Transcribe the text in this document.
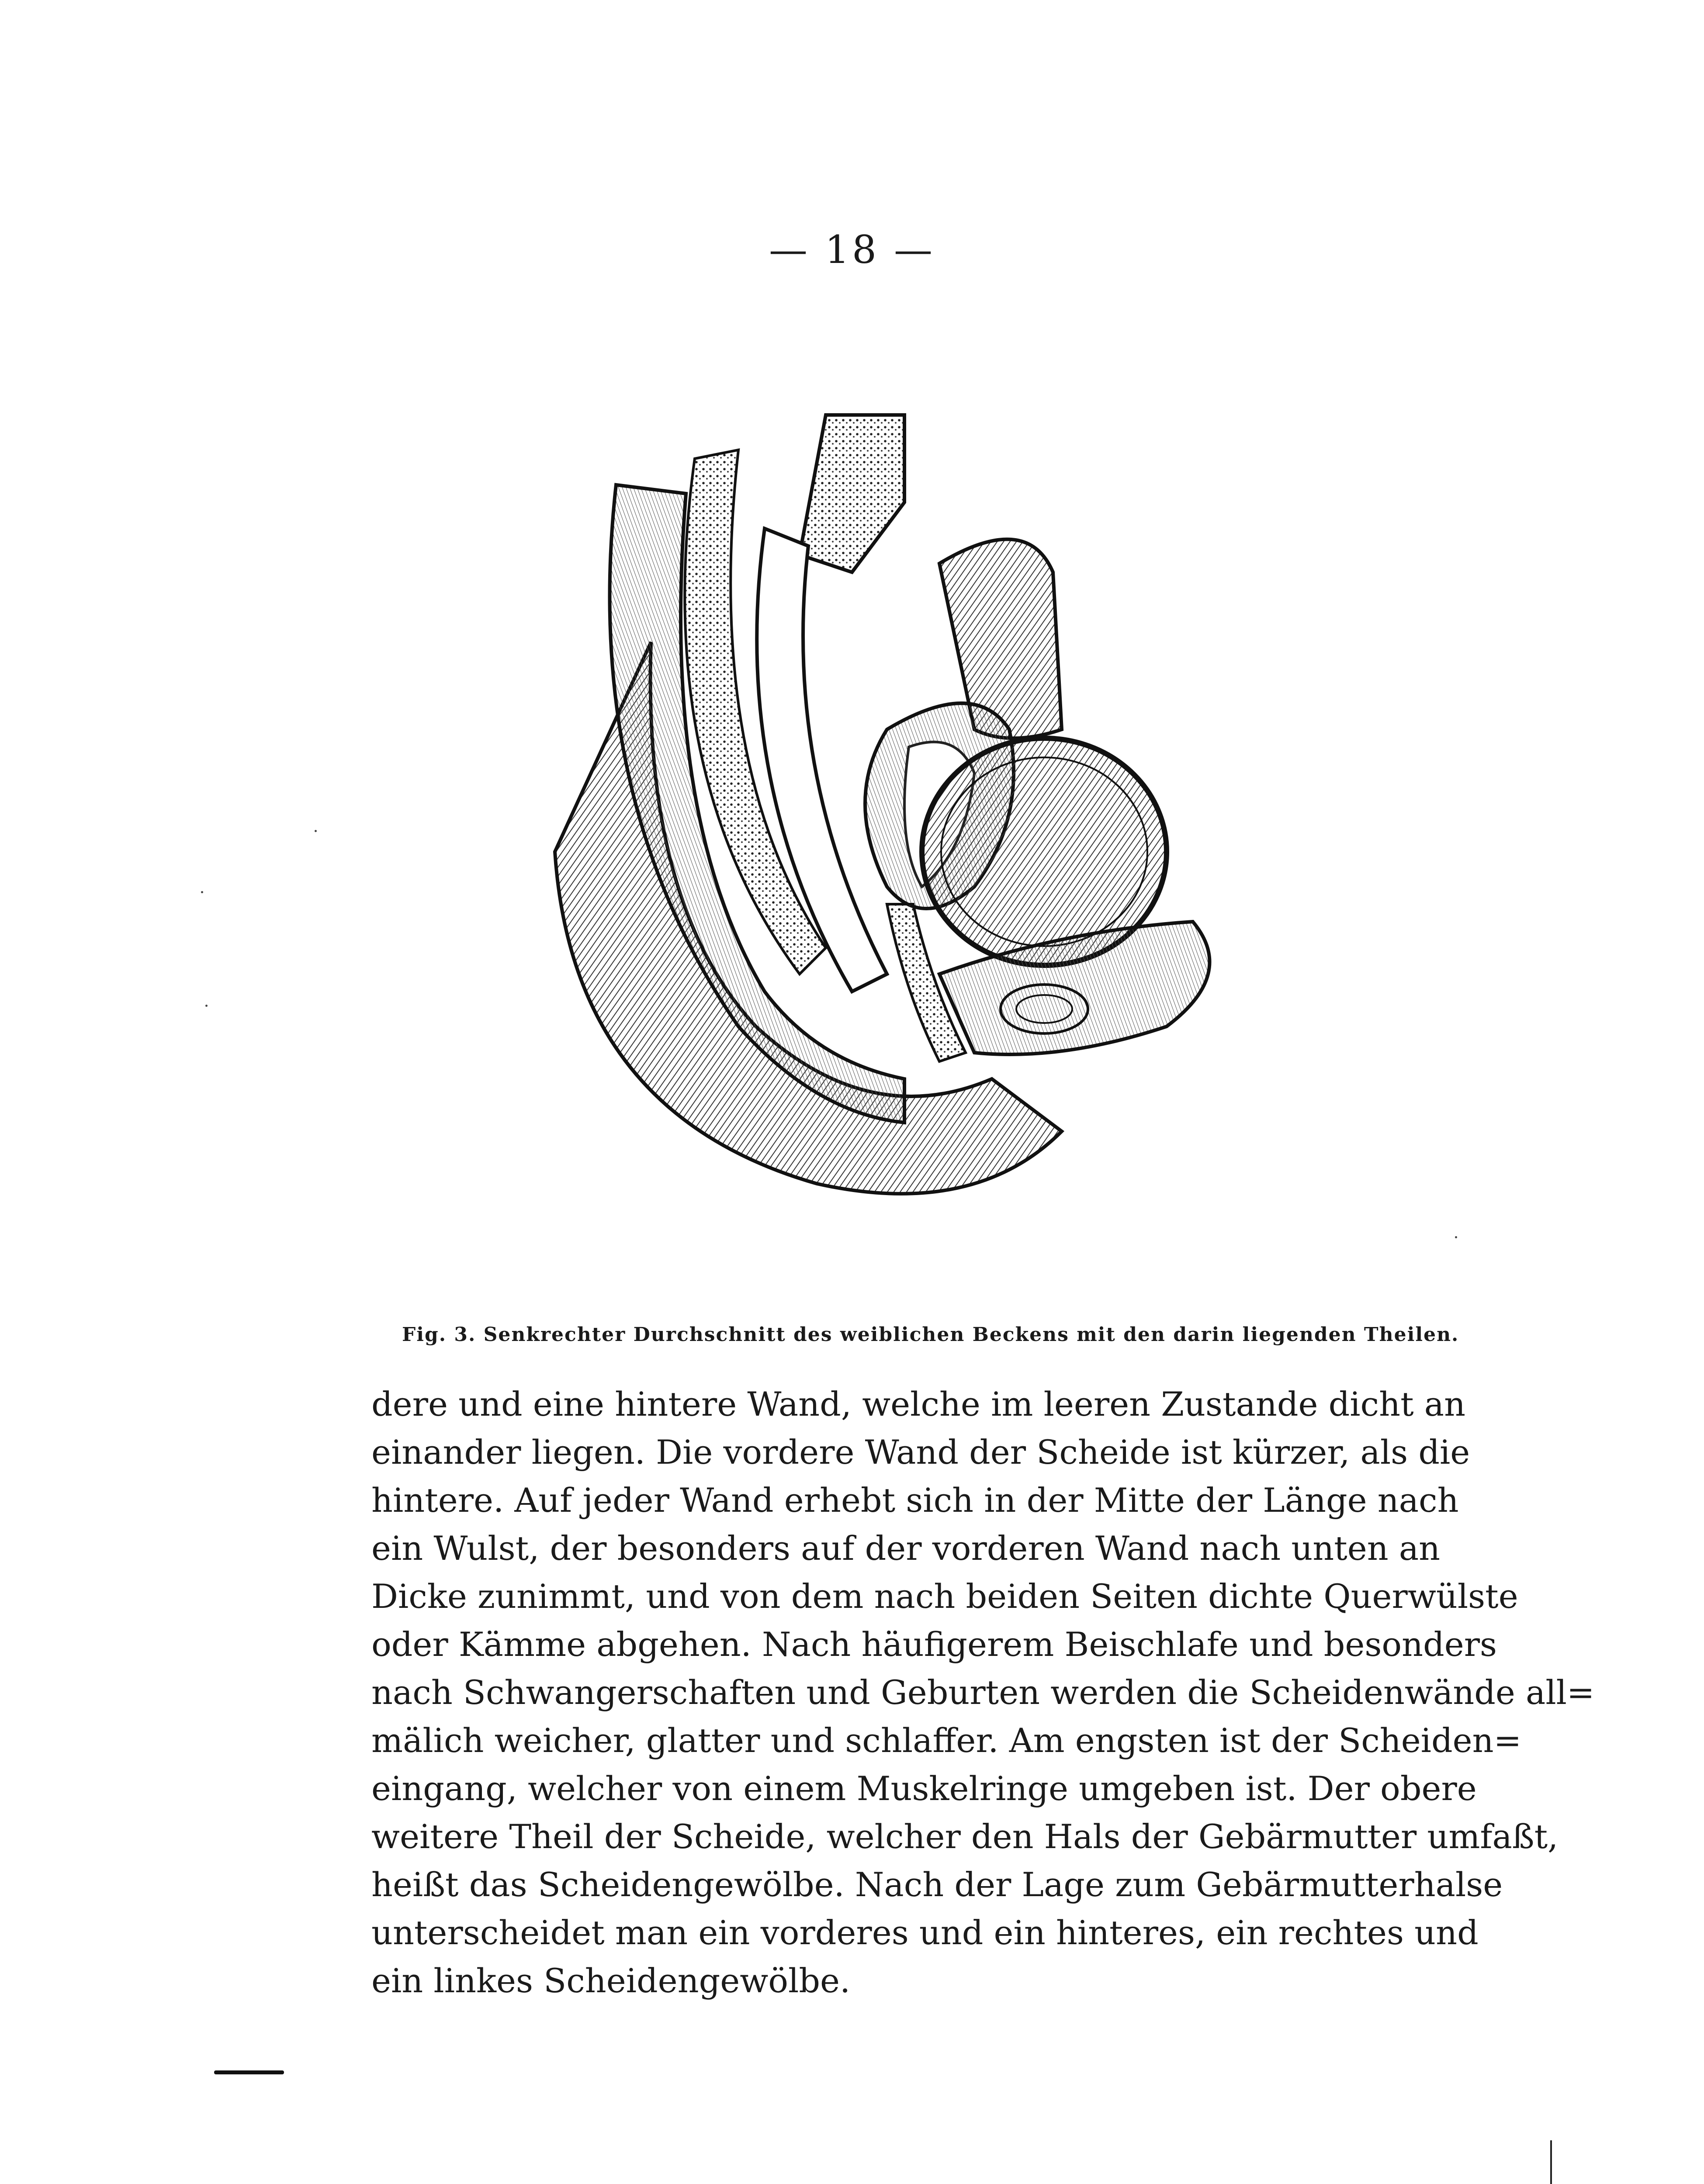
— 18 —
Fig. 3. Senkrechter Durchschnitt des weiblichen Beckens mit den darin liegenden Theilen.
dere und eine hintere Wand, welche im leeren Zustande dicht an
einander liegen. Die vordere Wand der Scheide ist kürzer, als die
hintere. Auf jeder Wand erhebt sich in der Mitte der Länge nach
ein Wulst, der besonders auf der vorderen Wand nach unten an
Dicke zunimmt, und von dem nach beiden Seiten dichte Querwülste
oder Kämme abgehen. Nach häufigerem Beischlafe und besonders
nach Schwangerschaften und Geburten werden die Scheidenwände all=
mälich weicher, glatter und schlaffer. Am engsten ist der Scheiden=
eingang, welcher von einem Muskelringe umgeben ist. Der obere
weitere Theil der Scheide, welcher den Hals der Gebärmutter umfaßt,
heißt das Scheidengewölbe. Nach der Lage zum Gebärmutterhalse
unterscheidet man ein vorderes und ein hinteres, ein rechtes und
ein linkes Scheidengewölbe.
